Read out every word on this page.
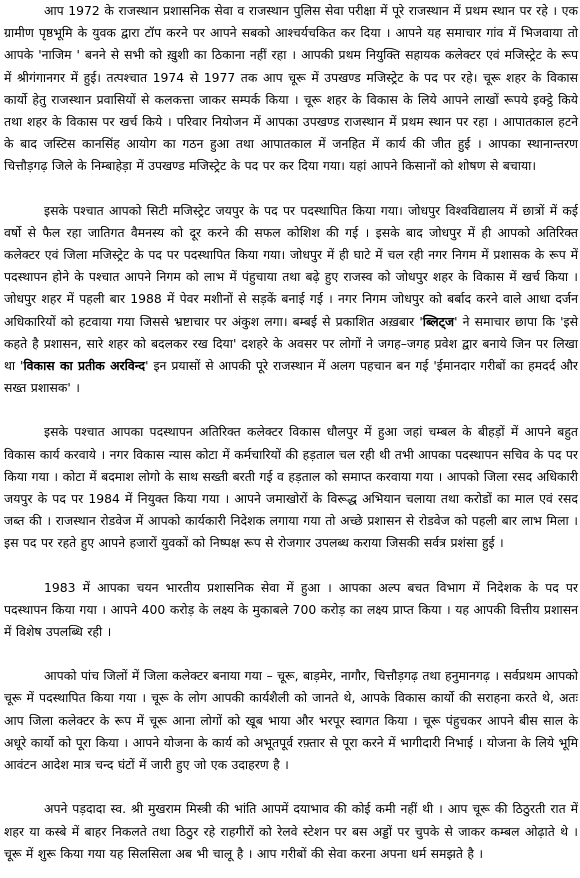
आप 1972 के राजस्थान प्रशासनिक सेवा व राजस्थान पुलिस सेवा परीक्षा में पूरे राजस्थान में प्रथम स्थान पर रहे । एक ग्रामीण पृष्ठभूमि के युवक द्वारा टॉप करने पर आपने सबको आश्चर्यचकित कर दिया । आपने यह समाचार गांव में भिजवाया तो आपके 'नाजिम ' बनने से सभी को ख़ुशी का ठिकाना नहीं रहा । आपकी प्रथम नियुक्ति सहायक कलेक्टर एवं मजिस्ट्रेट के रूप में श्रीगंगानगर में हुई। तत्पश्चात 1974 से 1977 तक आप चूरू में उपखण्ड मजिस्ट्रेट के पद पर रहे। चूरू शहर के विकास कार्यो हेतु राजस्थान प्रवासियों से कलकत्ता जाकर सम्पर्क किया । चूरू शहर के विकास के लिये आपने लाखों रूपये इक्ट्ठे किये तथा शहर के विकास पर खर्च किये । परिवार नियोजन में आपका उपखण्ड राजस्थान में प्रथम स्थान पर रहा । आपातकाल हटने के बाद जस्टिस कानसिंह आयोग का गठन हुआ तथा आपातकाल में जनहित में कार्य की जीत हुई । आपका स्थानान्तरण चित्तौड़गढ़ जिले के निम्बाहेड़ा में उपखण्ड मजिस्ट्रेट के पद पर कर दिया गया। यहां आपने किसानों को शोषण से बचाया।

इसके पश्चात आपको सिटी मजिस्ट्रेट जयपुर के पद पर पदस्थापित किया गया। जोधपुर विश्वविद्यालय में छात्रों में कई वर्षो से फैल रहा जातिगत वैमनस्य को दूर करने की सफल कोशिश की गई । इसके बाद जोधपुर में ही आपको अतिरिक्त कलेक्टर एवं जिला मजिस्ट्रेट के पद पर पदस्थापित किया गया। जोधपुर में ही घाटे में चल रही नगर निगम में प्रशासक के रूप में पदस्थापन होने के पश्चात आपने निगम को लाभ में पंहुचाया तथा बढ़े हुए राजस्व को जोधपुर शहर के विकास में खर्च किया । जोधपुर शहर में पहली बार 1988 में पेवर मशीनों से सड़कें बनाई गई । नगर निगम जोधपुर को बर्बाद करने वाले आधा दर्जन अधिकारियों को हटवाया गया जिससे भ्रष्टाचार पर अंकुश लगा। बम्बई से प्रकाशित अख़बार 'ब्लिट्ज' ने समाचार छापा कि 'इसे कहते है प्रशासन, सारे शहर को बदलकर रख दिया' दशहरे के अवसर पर लोगों ने जगह–जगह प्रवेश द्वार बनाये जिन पर लिखा था 'विकास का प्रतीक अरविन्द' इन प्रयासों से आपकी पूरे राजस्थान में अलग पहचान बन गई 'ईमानदार गरीबों का हमदर्द और सख्त प्रशासक' ।

इसके पश्चात आपका पदस्थापन अतिरिक्त कलेक्टर विकास धौलपुर में हुआ जहां चम्बल के बीहड़ों में आपने बहुत विकास कार्य करवाये । नगर विकास न्यास कोटा में कर्मचारियों की हड़ताल चल रही थी तभी आपका पदस्थापन सचिव के पद पर किया गया । कोटा में बदमाश लोगो के साथ सख्ती बरती गई व हड़ताल को समाप्त करवाया गया । आपको जिला रसद अधिकारी जयपुर के पद पर 1984 में नियुक्त किया गया । आपने जमाखोरों के विरूद्ध अभियान चलाया तथा करोडों का माल एवं रसद जब्त की । राजस्थान रोडवेज में आपको कार्यकारी निदेशक लगाया गया तो अच्छे प्रशासन से रोडवेज को पहली बार लाभ मिला । इस पद पर रहते हुए आपने हजारों युवकों को निष्पक्ष रूप से रोजगार उपलब्ध कराया जिसकी सर्वत्र प्रशंसा हुई ।

1983 में आपका चयन भारतीय प्रशासनिक सेवा में हुआ । आपका अल्प बचत विभाग में निदेशक के पद पर पदस्थापन किया गया । आपने 400 करोड़ के लक्ष्य के मुकाबले 700 करोड़ का लक्ष्य प्राप्त किया । यह आपकी वित्तीय प्रशासन में विशेष उपलब्धि रही ।

आपको पांच जिलों में जिला कलेक्टर बनाया गया – चूरू, बाड़मेर, नागौर, चित्तौड़गढ़ तथा हनुमानगढ़ । सर्वप्रथम आपको चूरू में पदस्थापित किया गया । चूरू के लोग आपकी कार्यशैली को जानते थे, आपके विकास कार्यो की सराहना करते थे, अतः आप जिला कलेक्टर के रूप में चूरू आना लोगों को खूब भाया और भरपूर स्वागत किया । चूरू पंहुचकर आपने बीस साल के अधूरे कार्यो को पूरा किया । आपने योजना के कार्य को अभूतपूर्व रफ़्तार से पूरा करने में भागीदारी निभाई । योजना के लिये भूमि आवंटन आदेश मात्र चन्द घंटों में जारी हुए जो एक उदाहरण है ।

अपने पड़दादा स्व. श्री मुखराम मिस्त्री की भांति आपमें दयाभाव की कोई कमी नहीं थी । आप चूरू की ठिठुरती रात में शहर या कस्बे में बाहर निकलते तथा ठिठुर रहे राहगीरों को रेलवे स्टेशन पर बस अड्डों पर चुपके से जाकर कम्बल ओढ़ाते थे । चूरू में शुरू किया गया यह सिलसिला अब भी चालू है । आप गरीबों की सेवा करना अपना धर्म समझते है ।
